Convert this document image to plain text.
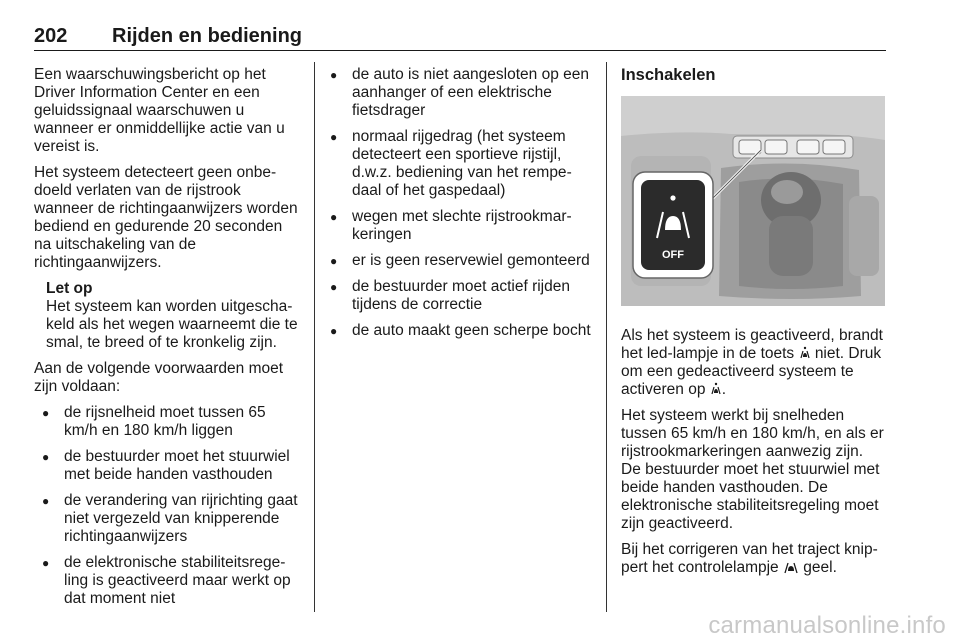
202 Rijden en bediening

Een waarschuwingsbericht op het Driver Information Center en een geluidssignaal waarschuwen u wanneer er onmiddellijke actie van u vereist is.

Het systeem detecteert geen onbedoeld verlaten van de rijstrook wanneer de richtingaanwijzers worden bediend en gedurende 20 seconden na uitschakeling van de richtingaanwijzers.

Let op
Het systeem kan worden uitgeschakeld als het wegen waarneemt die te smal, te breed of te kronkelig zijn.

Aan de volgende voorwaarden moet zijn voldaan:

● de rijsnelheid moet tussen 65 km/h en 180 km/h liggen
● de bestuurder moet het stuurwiel met beide handen vasthouden
● de verandering van rijrichting gaat niet vergezeld van knipperende richtingaanwijzers
● de elektronische stabiliteitsregeling is geactiveerd maar werkt op dat moment niet
● de auto is niet aangesloten op een aanhanger of een elektrische fietsdrager
● normaal rijgedrag (het systeem detecteert een sportieve rijstijl, d.w.z. bediening van het rempedaal of het gaspedaal)
● wegen met slechte rijstrookmarkeringen
● er is geen reservewiel gemonteerd
● de bestuurder moet actief rijden tijdens de correctie
● de auto maakt geen scherpe bocht
Inschakelen
OFF

Als het systeem is geactiveerd, brandt het led-lampje in de toets niet. Druk om een gedeactiveerd systeem te activeren op .

Het systeem werkt bij snelheden tussen 65 km/h en 180 km/h, en als er rijstrookmarkeringen aanwezig zijn. De bestuurder moet het stuurwiel met beide handen vasthouden. De elektronische stabiliteitsregeling moet zijn geactiveerd.

Bij het corrigeren van het traject knippert het controlelampje geel.

carmanualsonline.info
